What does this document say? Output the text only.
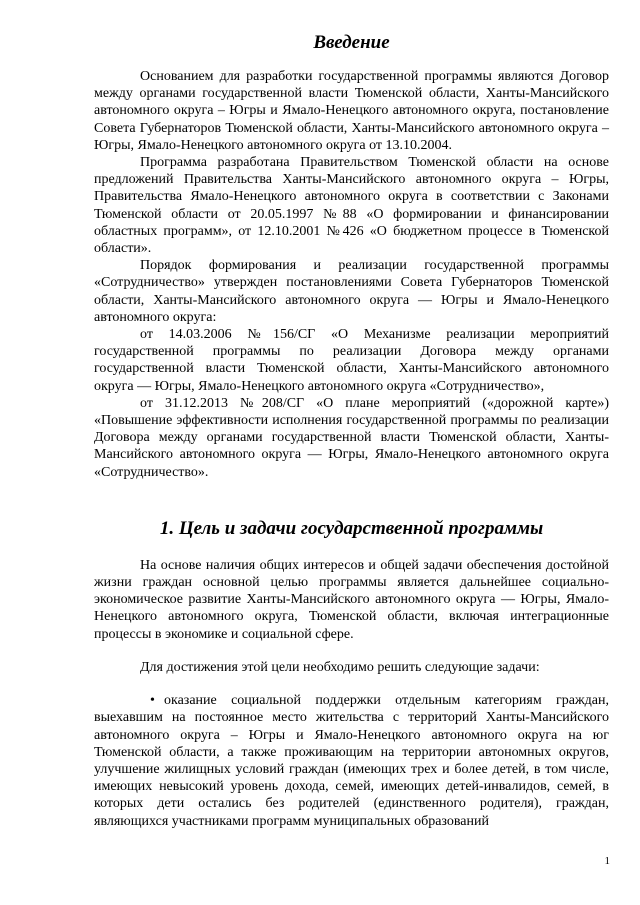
Введение

Основанием для разработки государственной программы являются Договор между органами государственной власти Тюменской области, Ханты-Мансийского автономного округа – Югры и Ямало-Ненецкого автономного округа, постановление Совета Губернаторов Тюменской области, Ханты-Мансийского автономного округа – Югры, Ямало-Ненецкого автономного округа от 13.10.2004.

Программа разработана Правительством Тюменской области на основе предложений Правительства Ханты-Мансийского автономного округа – Югры, Правительства Ямало-Ненецкого автономного округа в соответствии с Законами Тюменской области от 20.05.1997 №88 «О формировании и финансировании областных программ», от 12.10.2001 №426 «О бюджетном процессе в Тюменской области».

Порядок формирования и реализации государственной программы «Сотрудничество» утвержден постановлениями Совета Губернаторов Тюменской области, Ханты-Мансийского автономного округа — Югры и Ямало-Ненецкого автономного округа:

от 14.03.2006 №156/СГ «О Механизме реализации мероприятий государственной программы по реализации Договора между органами государственной власти Тюменской области, Ханты-Мансийского автономного округа — Югры, Ямало-Ненецкого автономного округа «Сотрудничество»,

от 31.12.2013 №208/СГ «О плане мероприятий («дорожной карте») «Повышение эффективности исполнения государственной программы по реализации Договора между органами государственной власти Тюменской области, Ханты-Мансийского автономного округа — Югры, Ямало-Ненецкого автономного округа «Сотрудничество».

1. Цель и задачи государственной программы

На основе наличия общих интересов и общей задачи обеспечения достойной жизни граждан основной целью программы является дальнейшее социально-экономическое развитие Ханты-Мансийского автономного округа — Югры, Ямало-Ненецкого автономного округа, Тюменской области, включая интеграционные процессы в экономике и социальной сфере.

Для достижения этой цели необходимо решить следующие задачи:

• оказание социальной поддержки отдельным категориям граждан, выехавшим на постоянное место жительства с территорий Ханты-Мансийского автономного округа – Югры и Ямало-Ненецкого автономного округа на юг Тюменской области, а также проживающим на территории автономных округов, улучшение жилищных условий граждан (имеющих трех и более детей, в том числе, имеющих невысокий уровень дохода, семей, имеющих детей-инвалидов, семей, в которых дети остались без родителей (единственного родителя), граждан, являющихся участниками программ муниципальных образований
1
